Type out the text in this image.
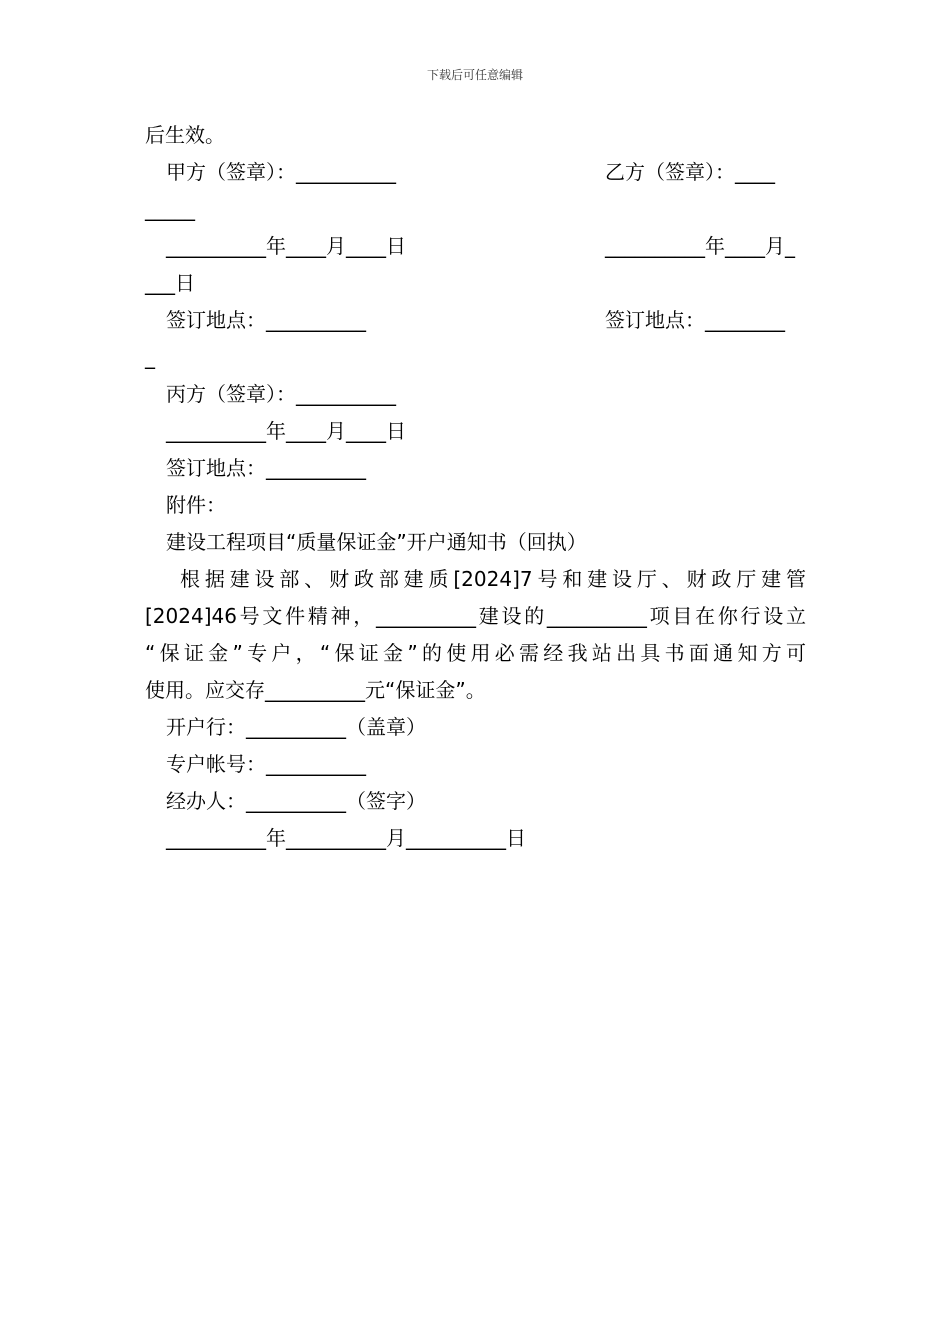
下载后可任意编辑
后生效。
甲方（签章）：__________	乙方（签章）：____
_____
__________年____月____日	__________年____月_
___日
签订地点：__________	签订地点：________
_
丙方（签章）：__________
__________年____月____日
签订地点：__________
附件：
建设工程项目“质量保证金”开户通知书（回执）
根据建设部、财政部建质[2024]7号和建设厅、财政厅建管
[2024]46号文件精神，__________建设的__________项目在你行设立
“保证金”专户，“保证金”的使用必需经我站出具书面通知方可
使用。应交存__________元“保证金”。
开户行：__________（盖章）
专户帐号：__________
经办人：__________（签字）
__________年__________月__________日
